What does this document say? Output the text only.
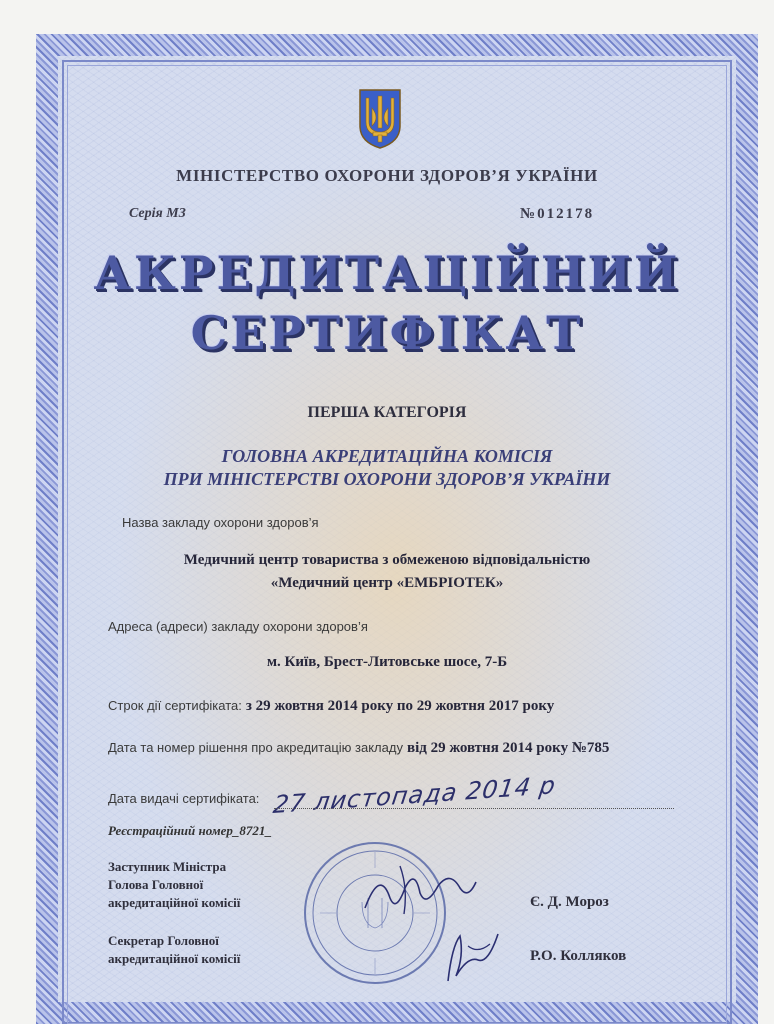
МІНІСТЕРСТВО ОХОРОНИ ЗДОРОВ’Я УКРАЇНИ
Серія МЗ	№012178
АКРЕДИТАЦІЙНИЙ
СЕРТИФІКАТ
ПЕРША КАТЕГОРІЯ
ГОЛОВНА АКРЕДИТАЦІЙНА КОМІСІЯ
ПРИ МІНІСТЕРСТВІ ОХОРОНИ ЗДОРОВ’Я УКРАЇНИ
Назва закладу охорони здоров’я
Медичний центр товариства з обмеженою відповідальністю
«Медичний центр «ЕМБРІОТЕК»
Адреса (адреси) закладу охорони здоров’я
м. Київ, Брест-Литовське шосе, 7-Б
Строк дії сертифіката: з 29 жовтня 2014 року по 29 жовтня 2017 року
Дата та номер рішення про акредитацію закладу від 29 жовтня 2014 року №785
Дата видачі сертифіката: 27 листопада 2014 р
Реєстраційний номер_8721_
Заступник Міністра
Голова Головної
акредитаційної комісії	Є. Д. Мороз
Секретар Головної
акредитаційної комісії	Р.О. Колляков
